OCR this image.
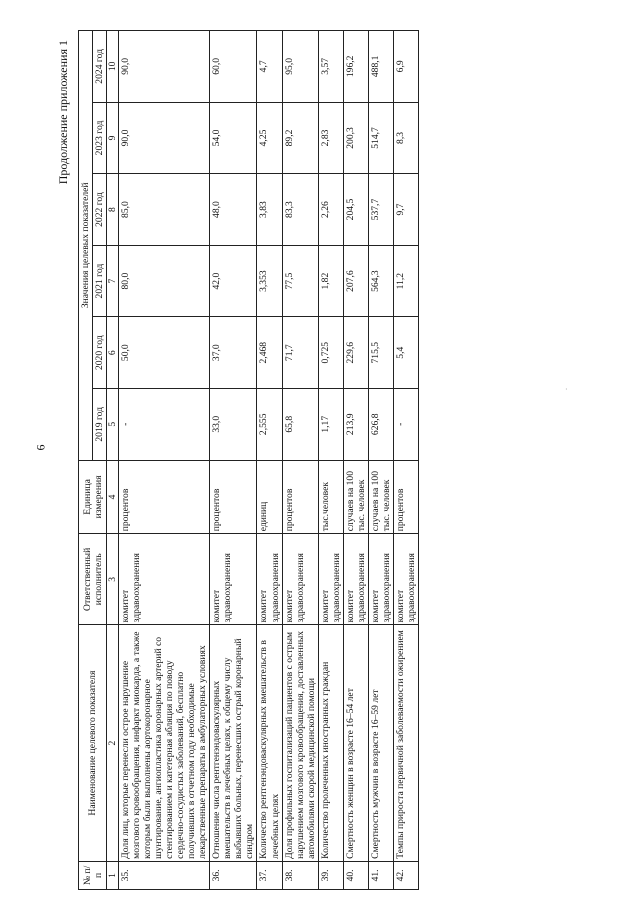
6
Продолжение приложения 1
№ п/п	Наименование целевого показателя	Ответственный исполнитель	Единица измерения	Значения целевых показателей					
				2019 год	2020 год	2021 год	2022 год	2023 год	2024 год
1	2	3	4	5	6	7	8	9	10
35.	Доля лиц, которые перенесли острое нарушение мозгового кровообращения, инфаркт миокарда, а также которым были выполнены аортокоронарное шунтирование, ангиопластика коронарных артерий со стентированием и катетерная абляция по поводу сердечно-сосудистых заболеваний, бесплатно получивших в отчетном году необходимые лекарственные препараты в амбулаторных условиях	комитет здравоохранения	процентов	-	50,0	80,0	85,0	90,0	90,0
36.	Отношение числа рентгенэндоваскулярных вмешательств в лечебных целях, к общему числу выбывших больных, перенесших острый коронарный синдром	комитет здравоохранения	процентов	33,0	37,0	42,0	48,0	54,0	60,0
37.	Количество рентгенэндоваскулярных вмешательств в лечебных целях	комитет здравоохранения	единиц	2,555	2,468	3,353	3,83	4,25	4,7
38.	Доля профильных госпитализаций пациентов с острым нарушением мозгового кровообращения, доставленных автомобилями скорой медицинской помощи	комитет здравоохранения	процентов	65,8	71,7	77,5	83,3	89,2	95,0
39.	Количество пролеченных иностранных граждан	комитет здравоохранения	тыс.человек	1,17	0,725	1,82	2,26	2,83	3,57
40.	Смертность женщин в возрасте 16–54 лет	комитет здравоохранения	случаев на 100 тыс. человек	213,9	229,6	207,6	204,5	200,3	196,2
41.	Смертность мужчин в возрасте 16–59 лет	комитет здравоохранения	случаев на 100 тыс. человек	626,8	715,5	564,3	537,7	514,7	488,1
42.	Темпы прироста первичной заболеваемости ожирением	комитет здравоохранения	процентов	-	5,4	11,2	9,7	8,3	6,9
·
